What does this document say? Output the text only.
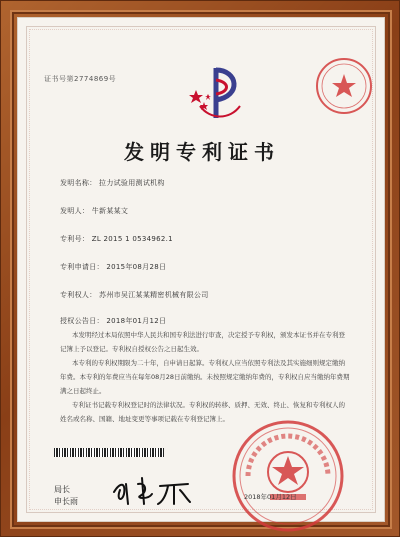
证书号第2774869号
发明专利证书
发明名称： 拉力试验用测试机构
发明人： 牛新某某文
专利号： ZL 2015 1 0534962.1
专利申请日： 2015年08月28日
专利权人： 苏州市吴江某某精密机械有限公司
授权公告日： 2018年01月12日

本发明经过本局依照中华人民共和国专利法进行审查，决定授予专利权，颁发本证书并在专利登记簿上予以登记。专利权自授权公告之日起生效。

本专利的专利权期限为二十年，自申请日起算。专利权人应当依照专利法及其实施细则规定缴纳年费。本专利的年费应当在每年08月28日前缴纳。未按照规定缴纳年费的，专利权自应当缴纳年费期满之日起终止。

专利证书记载专利权登记时的法律状况。专利权的转移、质押、无效、终止、恢复和专利权人的姓名或名称、国籍、地址变更等事项记载在专利登记簿上。

局长
申长雨	2018年01月12日
